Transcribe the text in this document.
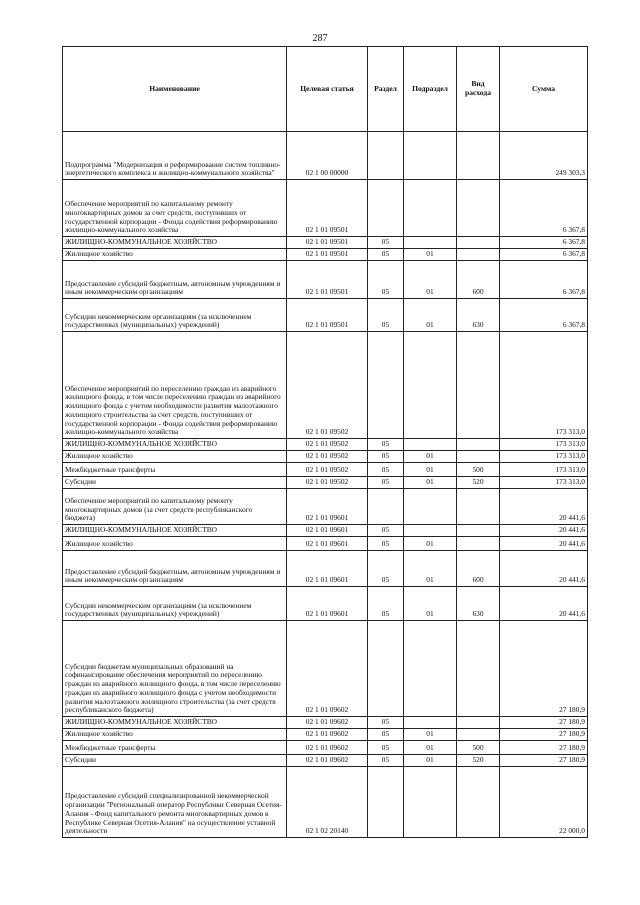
287
Наименование	Целевая статья	Раздел	Подраздел	Вид расхода	Сумма
Подпрограмма "Модернизация и реформирование систем топливно-энергетического комплекса и жилищно-коммунального хозяйства"	02 1 00 00000				249 303,3
Обеспечение мероприятий по капитальному ремонту многоквартирных домов за счет средств, поступивших от государственной корпорации - Фонда содействия реформированию жилищно-коммунального хозяйства	02 1 01 09501				6 367,8
ЖИЛИЩНО-КОММУНАЛЬНОЕ ХОЗЯЙСТВО	02 1 01 09501	05			6 367,8
Жилищное хозяйство	02 1 01 09501	05	01		6 367,8
Предоставление субсидий бюджетным, автономным учреждениям и иным некоммерческим организациям	02 1 01 09501	05	01	600	6 367,8
Субсидии некоммерческим организациям (за исключением государственных (муниципальных) учреждений)	02 1 01 09501	05	01	630	6 367,8
Обеспечение мероприятий по переселению граждан из аварийного жилищного фонда, в том числе переселению граждан из аварийного жилищного фонда с учетом необходимости развития малоэтажного жилищного строительства за счет средств, поступивших от государственной корпорации - Фонда содействия реформированию жилищно-коммунального хозяйства	02 1 01 09502				173 313,0
ЖИЛИЩНО-КОММУНАЛЬНОЕ ХОЗЯЙСТВО	02 1 01 09502	05			173 313,0
Жилищное хозяйство	02 1 01 09502	05	01		173 313,0
Межбюджетные трансферты	02 1 01 09502	05	01	500	173 313,0
Субсидии	02 1 01 09502	05	01	520	173 313,0
Обеспечение мероприятий по капитальному ремонту многоквартирных домов (за счет средств республиканского бюджета)	02 1 01 09601				20 441,6
ЖИЛИЩНО-КОММУНАЛЬНОЕ ХОЗЯЙСТВО	02 1 01 09601	05			20 441,6
Жилищное хозяйство	02 1 01 09601	05	01		20 441,6
Предоставление субсидий бюджетным, автономным учреждениям и иным некоммерческим организациям	02 1 01 09601	05	01	600	20 441,6
Субсидии некоммерческим организациям (за исключением государственных (муниципальных) учреждений)	02 1 01 09601	05	01	630	20 441,6
Субсидии бюджетам муниципальных образований на софинансирование обеспечения мероприятий по переселению граждан из аварийного жилищного фонда, в том числе переселению граждан из аварийного жилищного фонда с учетом необходимости развития малоэтажного жилищного строительства (за счет средств республиканского бюджета)	02 1 01 09602				27 180,9
ЖИЛИЩНО-КОММУНАЛЬНОЕ ХОЗЯЙСТВО	02 1 01 09602	05			27 180,9
Жилищное хозяйство	02 1 01 09602	05	01		27 180,9
Межбюджетные трансферты	02 1 01 09602	05	01	500	27 180,9
Субсидии	02 1 01 09602	05	01	520	27 180,9
Предоставление субсидий специализированной некоммерческой организации "Региональный оператор Республики Северная Осетия-Алания - Фонд капитального ремонта многоквартирных домов в Республике Северная Осетия-Алания" на осуществление уставной деятельности	02 1 02 20140				22 000,0
